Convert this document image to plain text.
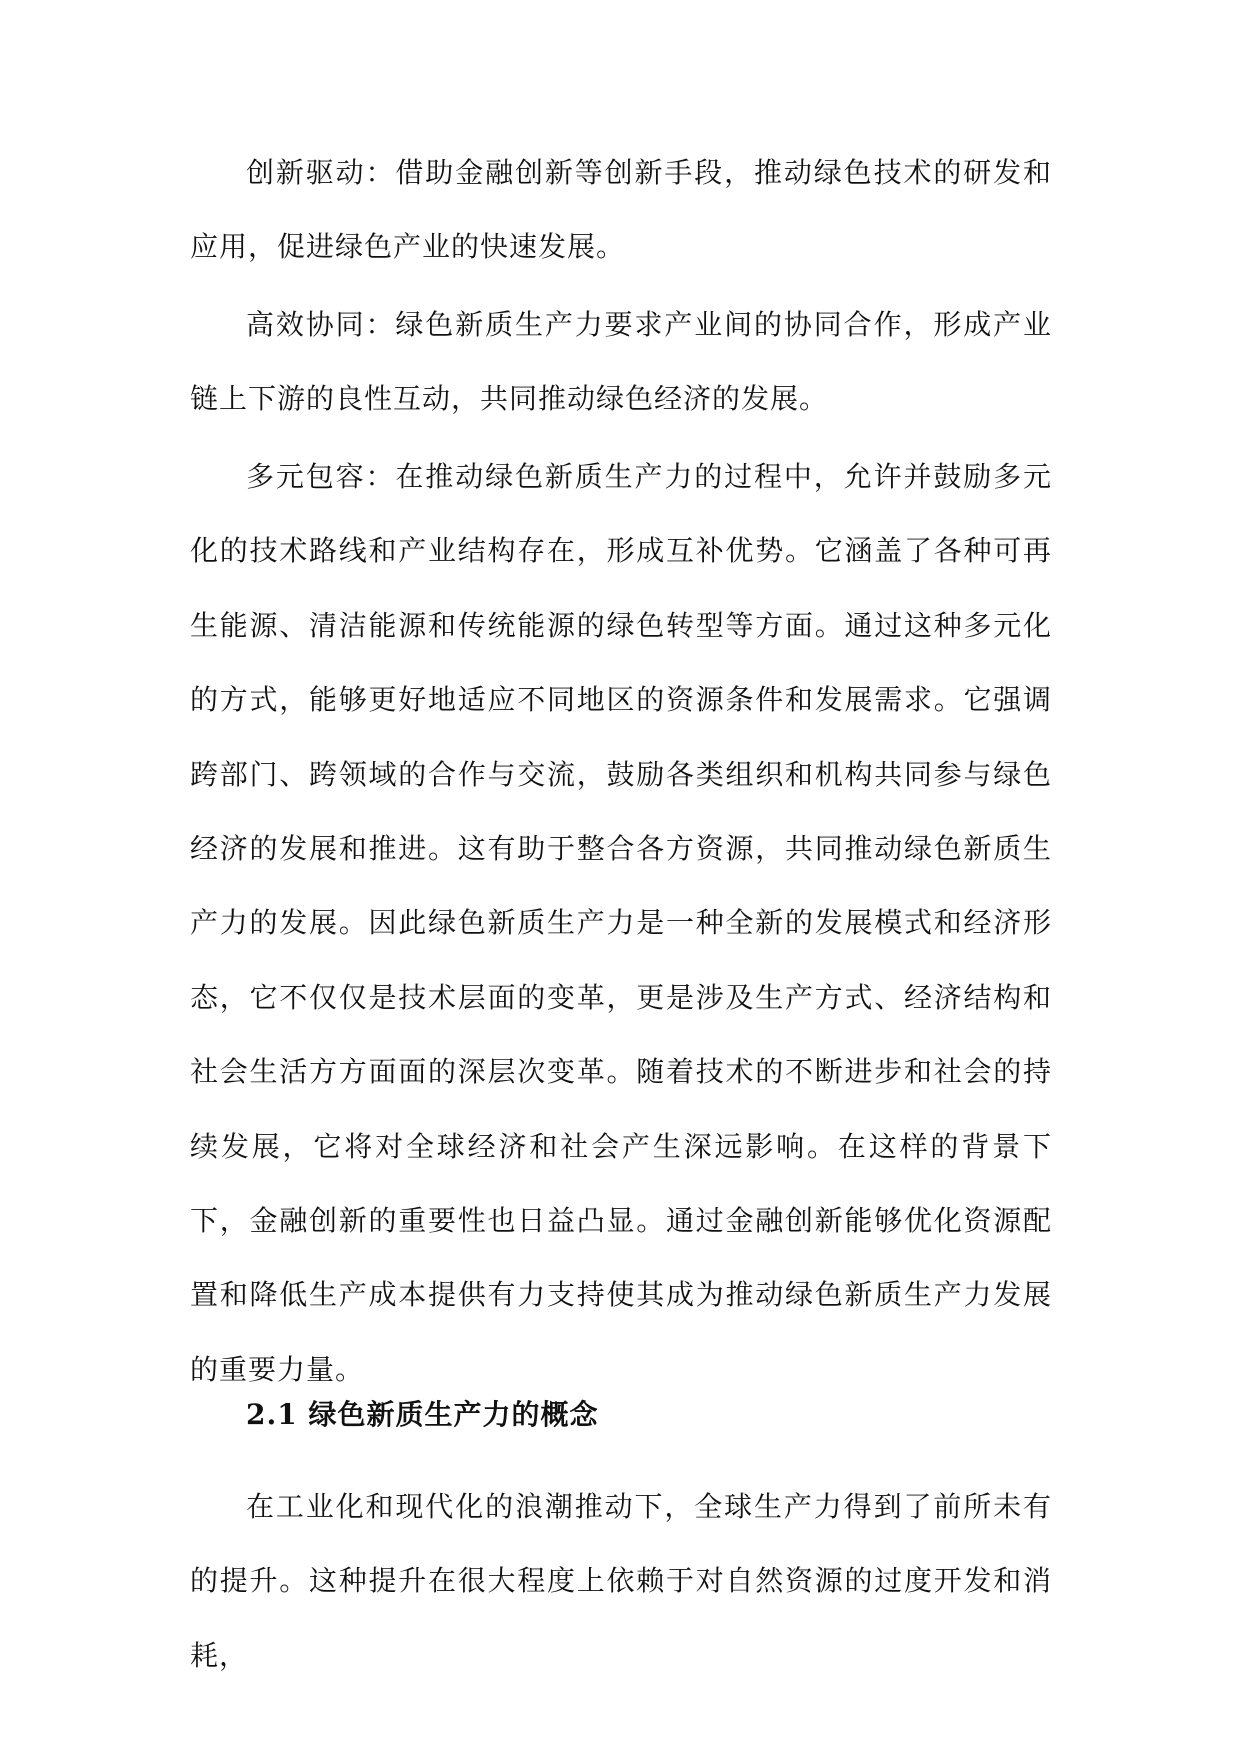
创新驱动：借助金融创新等创新手段，推动绿色技术的研发和应用，促进绿色产业的快速发展。

高效协同：绿色新质生产力要求产业间的协同合作，形成产业链上下游的良性互动，共同推动绿色经济的发展。

多元包容：在推动绿色新质生产力的过程中，允许并鼓励多元化的技术路线和产业结构存在，形成互补优势。它涵盖了各种可再生能源、清洁能源和传统能源的绿色转型等方面。通过这种多元化的方式，能够更好地适应不同地区的资源条件和发展需求。它强调跨部门、跨领域的合作与交流，鼓励各类组织和机构共同参与绿色经济的发展和推进。这有助于整合各方资源，共同推动绿色新质生产力的发展。因此绿色新质生产力是一种全新的发展模式和经济形态，它不仅仅是技术层面的变革，更是涉及生产方式、经济结构和社会生活方方面面的深层次变革。随着技术的不断进步和社会的持续发展，它将对全球经济和社会产生深远影响。在这样的背景下下，金融创新的重要性也日益凸显。通过金融创新能够优化资源配置和降低生产成本提供有力支持使其成为推动绿色新质生产力发展的重要力量。

2.1 绿色新质生产力的概念

在工业化和现代化的浪潮推动下，全球生产力得到了前所未有的提升。这种提升在很大程度上依赖于对自然资源的过度开发和消耗，
